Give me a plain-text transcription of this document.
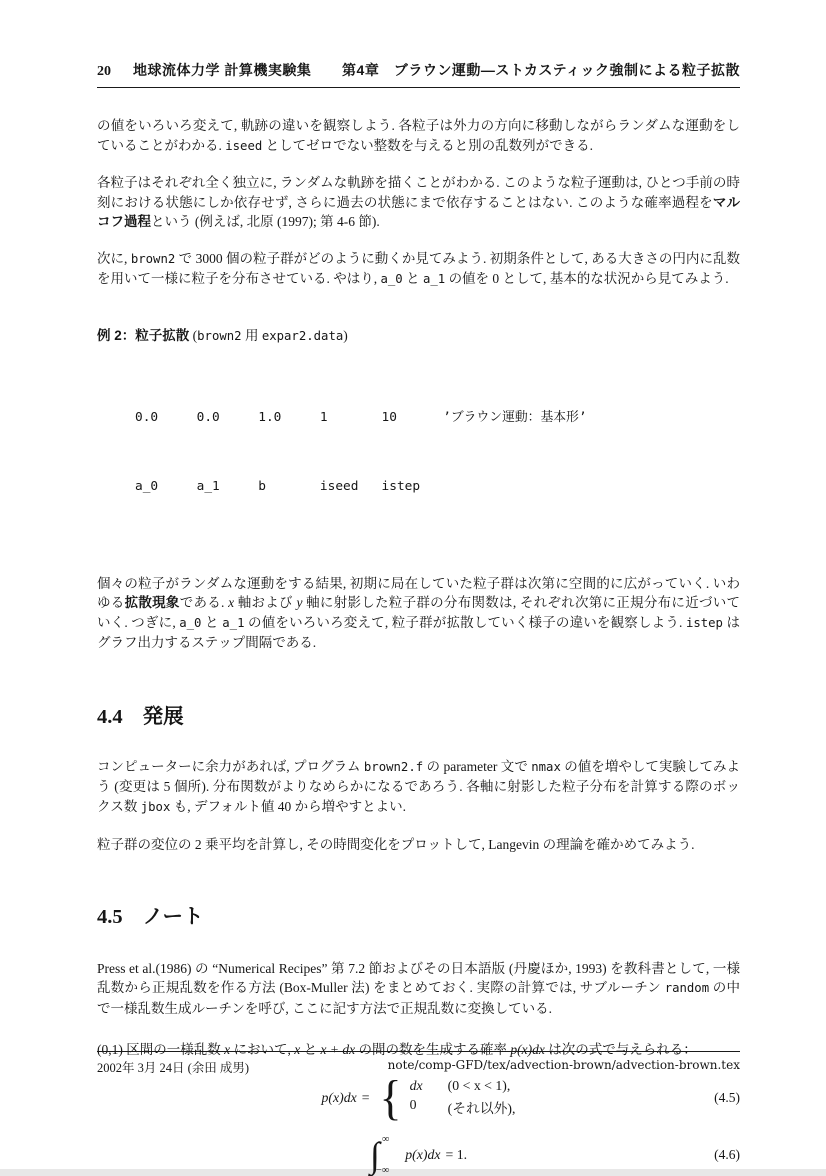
20 地球流体力学 計算機実験集 第4章　ブラウン運動—ストカスティック強制による粒子拡散

の値をいろいろ変えて, 軌跡の違いを観察しよう. 各粒子は外力の方向に移動しながらランダムな運動をしていることがわかる. iseed としてゼロでない整数を与えると別の乱数列ができる.

各粒子はそれぞれ全く独立に, ランダムな軌跡を描くことがわかる. このような粒子運動は, ひとつ手前の時刻における状態にしか依存せず, さらに過去の状態にまで依存することはない. このような確率過程をマルコフ過程という (例えば, 北原 (1997); 第 4-6 節).

次に, brown2 で 3000 個の粒子群がどのように動くか見てみよう. 初期条件として, ある大きさの円内に乱数を用いて一様に粒子を分布させている. やはり, a_0 と a_1 の値を 0 として, 基本的な状況から見てみよう.

例 2：粒子拡散 (brown2 用 expar2.data)

0.0     0.0     1.0     1       10      ’ブラウン運動：基本形’

a_0     a_1     b       iseed   istep

個々の粒子がランダムな運動をする結果, 初期に局在していた粒子群は次第に空間的に広がっていく. いわゆる拡散現象である. x 軸および y 軸に射影した粒子群の分布関数は, それぞれ次第に正規分布に近づいていく. つぎに, a_0 と a_1 の値をいろいろ変えて, 粒子群が拡散していく様子の違いを観察しよう. istep はグラフ出力するステップ間隔である.

4.4 発展

コンピューターに余力があれば, プログラム brown2.f の parameter 文で nmax の値を増やして実験してみよう (変更は 5 個所). 分布関数がよりなめらかになるであろう. 各軸に射影した粒子分布を計算する際のボックス数 jbox も, デフォルト値 40 から増やすとよい.

粒子群の変位の 2 乗平均を計算し, その時間変化をプロットして, Langevin の理論を確かめてみよう.

4.5 ノート

Press et al.(1986) の “Numerical Recipes” 第 7.2 節およびその日本語版 (丹慶ほか, 1993) を教科書として, 一様乱数から正規乱数を作る方法 (Box-Muller 法) をまとめておく. 実際の計算では, サブルーチン random の中で一様乱数生成ルーチンを呼び, ここに記す方法で正規乱数に変換している.

(0,1) 区間の一様乱数 x において, x と x + dx の間の数を生成する確率 p(x)dx は次の式で与えられる：

p(x)dx = { dx	(0 < x < 1),
0	(それ以外),
(4.5)
∫ ∞
−∞
p(x)dx = 1.	(4.6)
2002年 3月 24日 (余田 成男)	note/comp-GFD/tex/advection-brown/advection-brown.tex
